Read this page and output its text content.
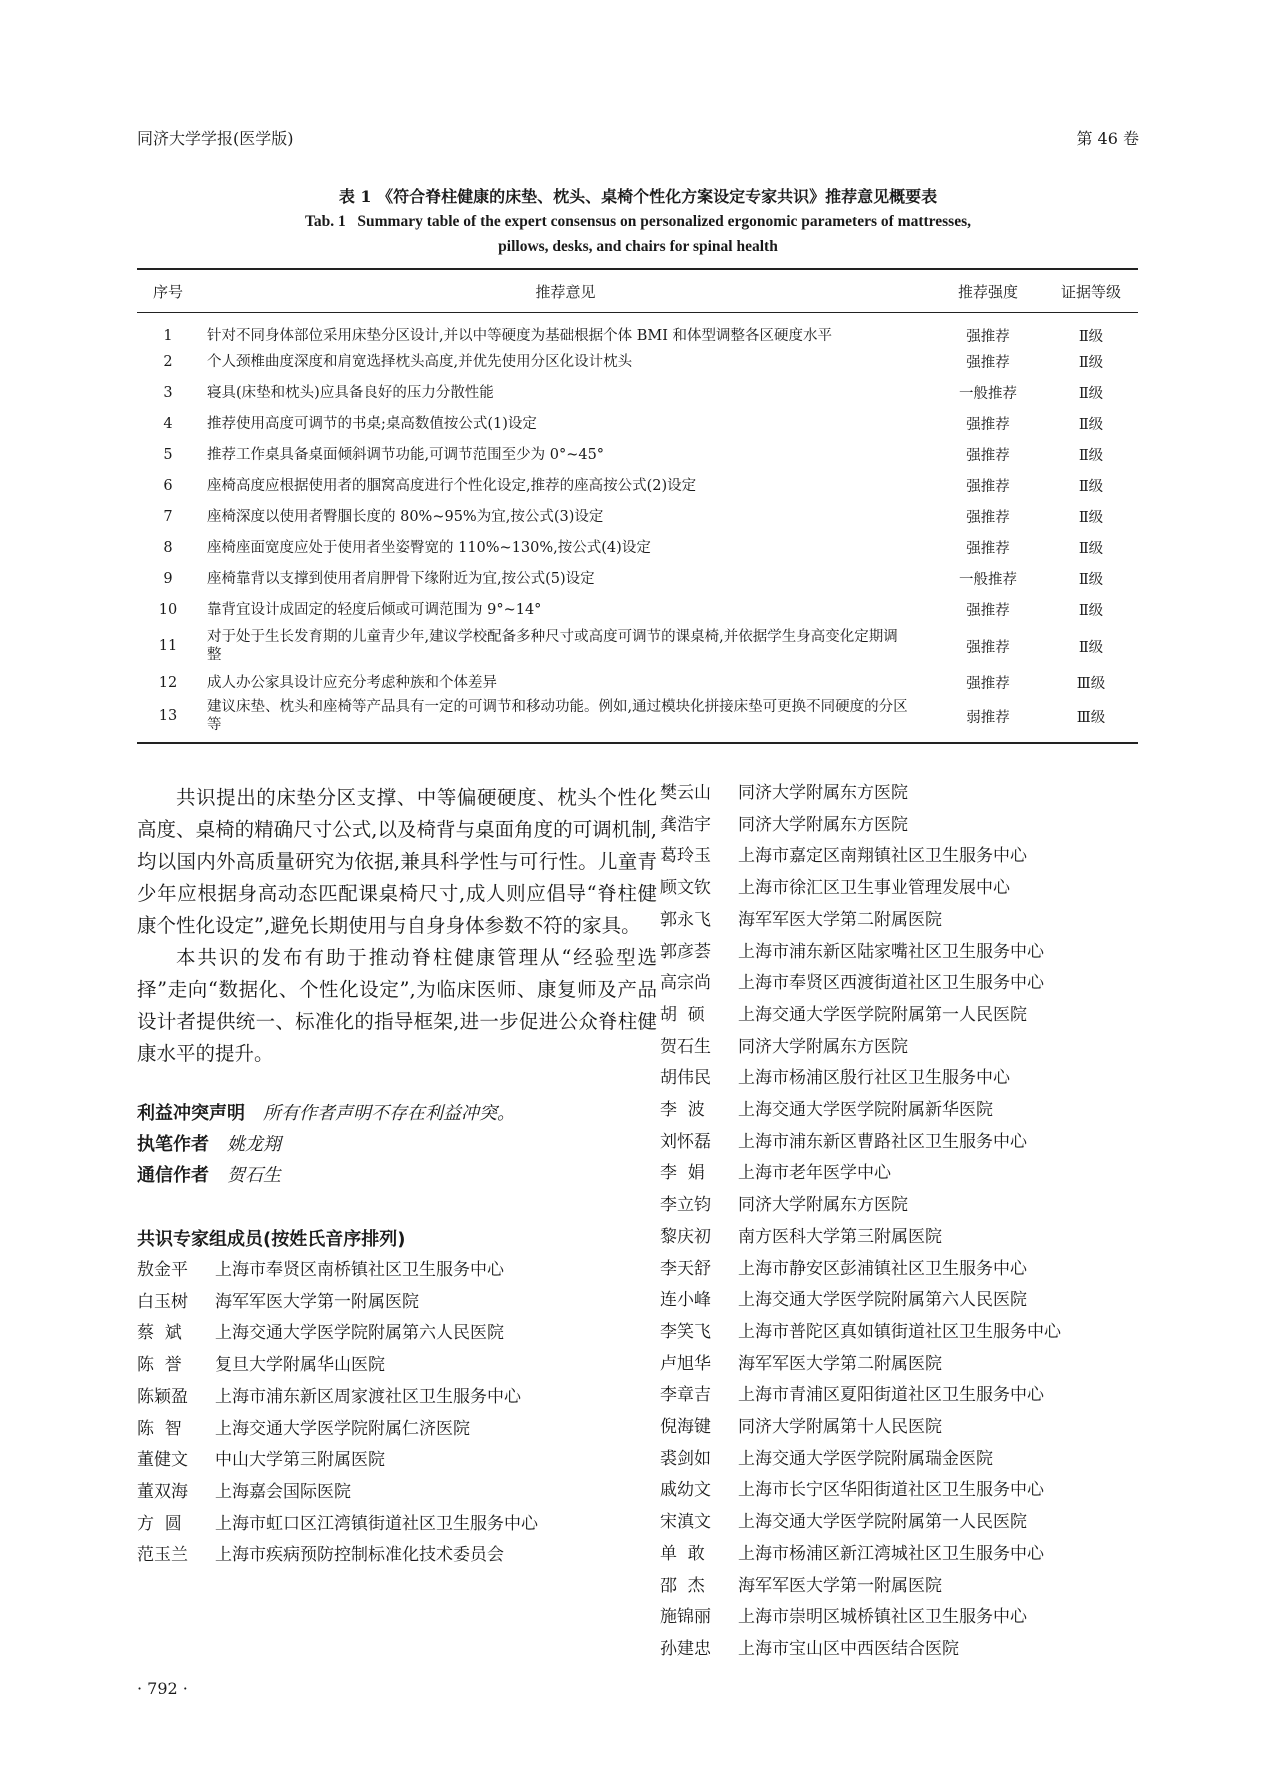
同济大学学报(医学版)	第 46 卷
表 1 《符合脊柱健康的床垫、枕头、桌椅个性化方案设定专家共识》推荐意见概要表
Tab. 1   Summary table of the expert consensus on personalized ergonomic parameters of mattresses,
pillows, desks, and chairs for spinal health
序号	推荐意见	推荐强度	证据等级
1	针对不同身体部位采用床垫分区设计,并以中等硬度为基础根据个体 BMI 和体型调整各区硬度水平	强推荐	Ⅱ级
2	个人颈椎曲度深度和肩宽选择枕头高度,并优先使用分区化设计枕头	强推荐	Ⅱ级
3	寝具(床垫和枕头)应具备良好的压力分散性能	一般推荐	Ⅱ级
4	推荐使用高度可调节的书桌;桌高数值按公式(1)设定	强推荐	Ⅱ级
5	推荐工作桌具备桌面倾斜调节功能,可调节范围至少为 0°~45°	强推荐	Ⅱ级
6	座椅高度应根据使用者的腘窝高度进行个性化设定,推荐的座高按公式(2)设定	强推荐	Ⅱ级
7	座椅深度以使用者臀腘长度的 80%~95%为宜,按公式(3)设定	强推荐	Ⅱ级
8	座椅座面宽度应处于使用者坐姿臀宽的 110%~130%,按公式(4)设定	强推荐	Ⅱ级
9	座椅靠背以支撑到使用者肩胛骨下缘附近为宜,按公式(5)设定	一般推荐	Ⅱ级
10	靠背宜设计成固定的轻度后倾或可调范围为 9°~14°	强推荐	Ⅱ级
11	对于处于生长发育期的儿童青少年,建议学校配备多种尺寸或高度可调节的课桌椅,并依据学生身高变化定期调整	强推荐	Ⅱ级
12	成人办公家具设计应充分考虑种族和个体差异	强推荐	Ⅲ级
13	建议床垫、枕头和座椅等产品具有一定的可调节和移动功能。例如,通过模块化拼接床垫可更换不同硬度的分区等	弱推荐	Ⅲ级

共识提出的床垫分区支撑、中等偏硬硬度、枕头个性化高度、桌椅的精确尺寸公式,以及椅背与桌面角度的可调机制,均以国内外高质量研究为依据,兼具科学性与可行性。儿童青少年应根据身高动态匹配课桌椅尺寸,成人则应倡导“脊柱健康个性化设定”,避免长期使用与自身身体参数不符的家具。

本共识的发布有助于推动脊柱健康管理从“经验型选择”走向“数据化、个性化设定”,为临床医师、康复师及产品设计者提供统一、标准化的指导框架,进一步促进公众脊柱健康水平的提升。

利益冲突声明 所有作者声明不存在利益冲突。
执笔作者 姚龙翔
通信作者 贺石生
共识专家组成员(按姓氏音序排列)
敖金平	上海市奉贤区南桥镇社区卫生服务中心
白玉树	海军军医大学第一附属医院
蔡  斌	上海交通大学医学院附属第六人民医院
陈  誉	复旦大学附属华山医院
陈颖盈	上海市浦东新区周家渡社区卫生服务中心
陈  智	上海交通大学医学院附属仁济医院
董健文	中山大学第三附属医院
董双海	上海嘉会国际医院
方  圆	上海市虹口区江湾镇街道社区卫生服务中心
范玉兰	上海市疾病预防控制标准化技术委员会
樊云山	同济大学附属东方医院
龚浩宇	同济大学附属东方医院
葛玲玉	上海市嘉定区南翔镇社区卫生服务中心
顾文钦	上海市徐汇区卫生事业管理发展中心
郭永飞	海军军医大学第二附属医院
郭彦荟	上海市浦东新区陆家嘴社区卫生服务中心
高宗尚	上海市奉贤区西渡街道社区卫生服务中心
胡  硕	上海交通大学医学院附属第一人民医院
贺石生	同济大学附属东方医院
胡伟民	上海市杨浦区殷行社区卫生服务中心
李  波	上海交通大学医学院附属新华医院
刘怀磊	上海市浦东新区曹路社区卫生服务中心
李  娟	上海市老年医学中心
李立钧	同济大学附属东方医院
黎庆初	南方医科大学第三附属医院
李天舒	上海市静安区彭浦镇社区卫生服务中心
连小峰	上海交通大学医学院附属第六人民医院
李笑飞	上海市普陀区真如镇街道社区卫生服务中心
卢旭华	海军军医大学第二附属医院
李章吉	上海市青浦区夏阳街道社区卫生服务中心
倪海键	同济大学附属第十人民医院
裘剑如	上海交通大学医学院附属瑞金医院
戚幼文	上海市长宁区华阳街道社区卫生服务中心
宋滇文	上海交通大学医学院附属第一人民医院
单  敢	上海市杨浦区新江湾城社区卫生服务中心
邵  杰	海军军医大学第一附属医院
施锦丽	上海市崇明区城桥镇社区卫生服务中心
孙建忠	上海市宝山区中西医结合医院
· 792 ·
